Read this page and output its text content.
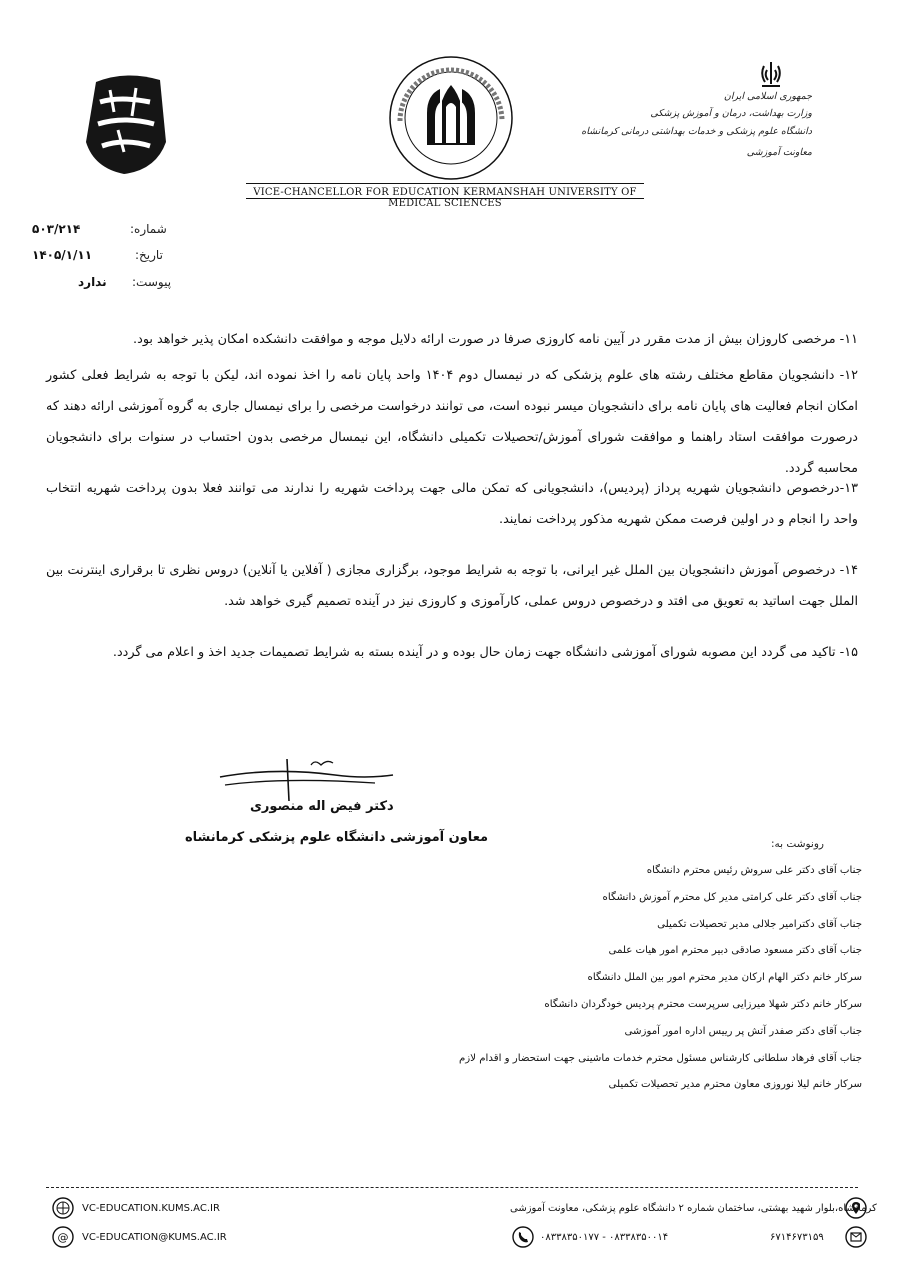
VICE-CHANCELLOR FOR EDUCATION KERMANSHAH UNIVERSITY OF MEDICAL SCIENCES
جمهوری اسلامی ایران
وزارت بهداشت، درمان و آموزش پزشکی
دانشگاه علوم پزشکی و خدمات بهداشتی درمانی کرمانشاه
معاونت آموزشی
شماره:
۵۰۳/۲۱۴
تاریخ:
۱۴۰۵/۱/۱۱
پیوست:
ندارد
۱۱- مرخصی کاروزان بیش از مدت مقرر در آیین نامه کاروزی صرفا در صورت ارائه دلایل موجه و موافقت دانشکده امکان پذیر خواهد بود.
۱۲- دانشجویان مقاطع مختلف رشته های علوم پزشکی که در نیمسال دوم ۱۴۰۴ واحد پایان نامه را اخذ نموده اند، لیکن با توجه به شرایط فعلی کشور امکان انجام فعالیت های پایان نامه برای دانشجویان میسر نبوده است، می توانند درخواست مرخصی را برای نیمسال جاری به گروه آموزشی ارائه دهند که درصورت موافقت استاد راهنما و موافقت شورای آموزش/تحصیلات تکمیلی دانشگاه، این نیمسال مرخصی بدون احتساب در سنوات برای دانشجویان محاسبه گردد.
۱۳-درخصوص دانشجویان شهریه پرداز (پردیس)، دانشجویانی که تمکن مالی جهت پرداخت شهریه را ندارند می توانند فعلا بدون پرداخت شهریه انتخاب واحد را انجام و در اولین فرصت ممکن شهریه مذکور پرداخت نمایند.
۱۴- درخصوص آموزش دانشجویان بین الملل غیر ایرانی، با توجه به شرایط موجود، برگزاری مجازی ( آفلاین یا آنلاین) دروس نظری تا برقراری اینترنت بین الملل جهت اساتید به تعویق می افتد و درخصوص دروس عملی، کارآموزی و کاروزی نیز در آینده تصمیم گیری خواهد شد.
۱۵- تاکید می گردد این مصوبه شورای آموزشی دانشگاه جهت زمان حال بوده و در آینده بسته به شرایط تصمیمات جدید اخذ و اعلام می گردد.
دکتر فیض اله منصوری
معاون آموزشی دانشگاه علوم پزشکی کرمانشاه	رونوشت به:
جناب آقای دکتر علی سروش رئیس محترم دانشگاه
جناب آقای دکتر علی کرامتی مدیر کل محترم آموزش دانشگاه
جناب آقای دکترامیر جلالی مدیر تحصیلات تکمیلی
جناب آقای دکتر مسعود صادقی دبیر محترم امور هیات علمی
سرکار خانم دکتر الهام ارکان مدیر محترم امور بین الملل دانشگاه
سرکار خانم دکتر شهلا میرزایی سرپرست محترم پردیس خودگردان دانشگاه
جناب آقای دکتر صفدر آتش پر رییس اداره امور آموزشی
جناب آقای فرهاد سلطانی کارشناس مسئول محترم خدمات ماشینی جهت استحضار و اقدام لازم
سرکار خانم لیلا نوروزی معاون محترم مدیر تحصیلات تکمیلی
VC-EDUCATION.KUMS.AC.IR
@ VC-EDUCATION@KUMS.AC.IR
کرمانشاه،بلوار شهید بهشتی، ساختمان شماره ۲ دانشگاه علوم پزشکی، معاونت آموزشی
۰۸۳۳۸۳۵۰۱۷۷ - ۰۸۳۳۸۳۵۰۰۱۴	۶۷۱۴۶۷۳۱۵۹
